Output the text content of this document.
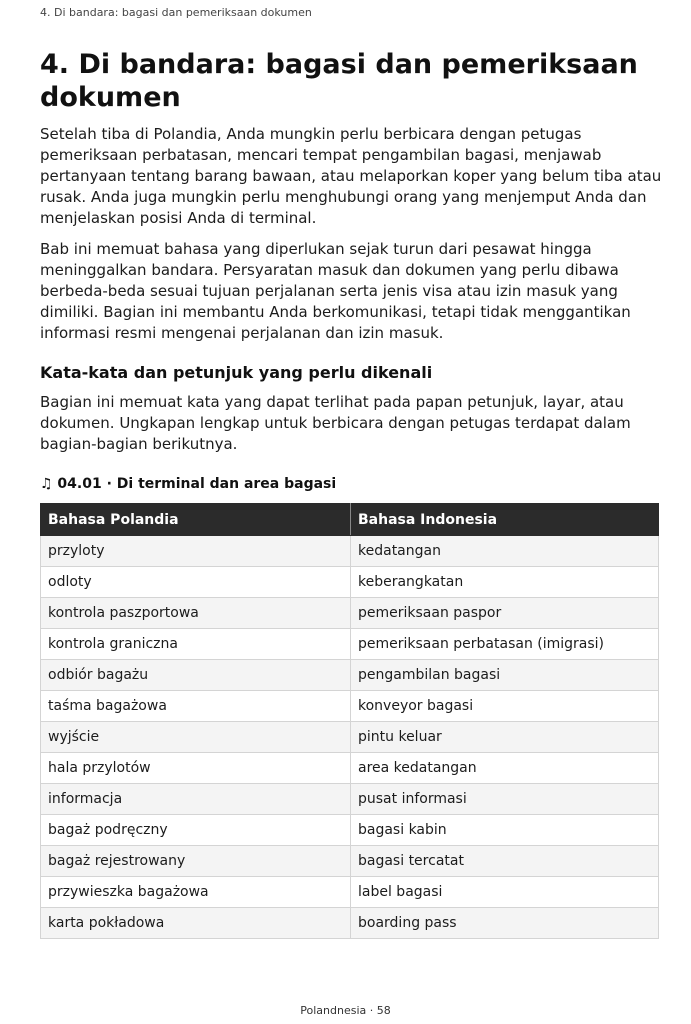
4. Di bandara: bagasi dan pemeriksaan dokumen
4. Di bandara: bagasi dan pemeriksaan dokumen

Setelah tiba di Polandia, Anda mungkin perlu berbicara dengan petugas pemeriksaan perbatasan, mencari tempat pengambilan bagasi, menjawab pertanyaan tentang barang bawaan, atau melaporkan koper yang belum tiba atau rusak. Anda juga mungkin perlu menghubungi orang yang menjemput Anda dan menjelaskan posisi Anda di terminal.

Bab ini memuat bahasa yang diperlukan sejak turun dari pesawat hingga meninggalkan bandara. Persyaratan masuk dan dokumen yang perlu dibawa berbeda-beda sesuai tujuan perjalanan serta jenis visa atau izin masuk yang dimiliki. Bagian ini membantu Anda berkomunikasi, tetapi tidak menggantikan informasi resmi mengenai perjalanan dan izin masuk.

Kata-kata dan petunjuk yang perlu dikenali

Bagian ini memuat kata yang dapat terlihat pada papan petunjuk, layar, atau dokumen. Ungkapan lengkap untuk berbicara dengan petugas terdapat dalam bagian-bagian berikutnya.

♫ 04.01 · Di terminal dan area bagasi
Bahasa Polandia	Bahasa Indonesia
przyloty	kedatangan
odloty	keberangkatan
kontrola paszportowa	pemeriksaan paspor
kontrola graniczna	pemeriksaan perbatasan (imigrasi)
odbiór bagażu	pengambilan bagasi
taśma bagażowa	konveyor bagasi
wyjście	pintu keluar
hala przylotów	area kedatangan
informacja	pusat informasi
bagaż podręczny	bagasi kabin
bagaż rejestrowany	bagasi tercatat
przywieszka bagażowa	label bagasi
karta pokładowa	boarding pass
Polandnesia · 58
